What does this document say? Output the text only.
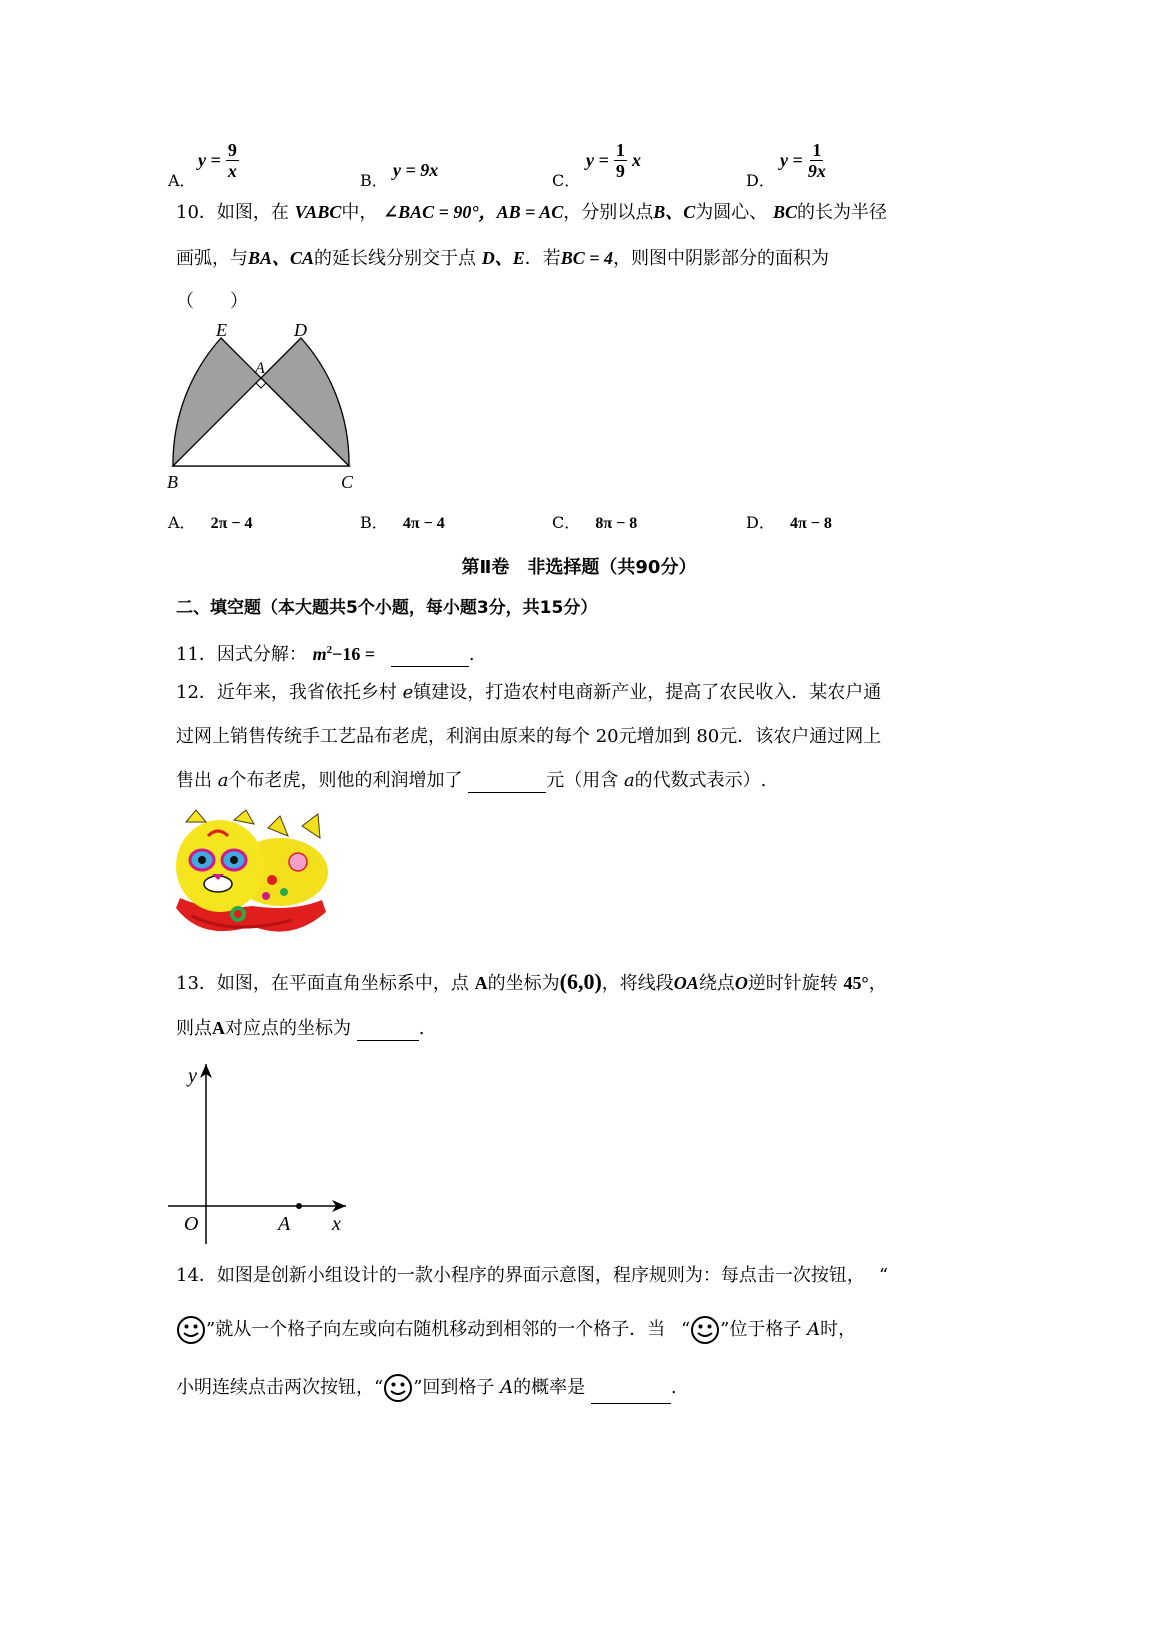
A．
$y = \frac{9}{x}$	B．
y = 9x
C．
$y = \frac{1}{9}$ x
D．
$y = \frac{1}{9x}$
10．如图，在 VABC中， ∠BAC = 90°，AB = AC，分别以点B、C为圆心、 BC的长为半径
画弧，与BA、CA的延长线分别交于点 D、E．若BC = 4，则图中阴影部分的面积为
（　　）
E	D
A
B	C
A． 2π − 4	B． 4π − 4	C． 8π − 8	D． 4π − 8
第Ⅱ卷　非选择题（共90分）
二、填空题（本大题共5个小题，每小题3分，共15分）
11．因式分解： $m^2-16$ =	.
12．近年来，我省依托乡村 e镇建设，打造农村电商新产业，提高了农民收入．某农户通
过网上销售传统手工艺品布老虎，利润由原来的每个 20元增加到 80元．该农户通过网上
售出 a个布老虎，则他的利润增加了	元（用含 a的代数式表示）.
13．如图，在平面直角坐标系中，点 A的坐标为(6,0)，将线段OA绕点O逆时针旋转 45°，
则点A对应点的坐标为	.
y
x
O	A
14．如图是创新小组设计的一款小程序的界面示意图，程序规则为：每点击一次按钮， “
”就从一个格子向左或向右随机移动到相邻的一个格子．当 “ ”位于格子 A时，
小明连续点击两次按钮，“ ”回到格子 A的概率是	.
